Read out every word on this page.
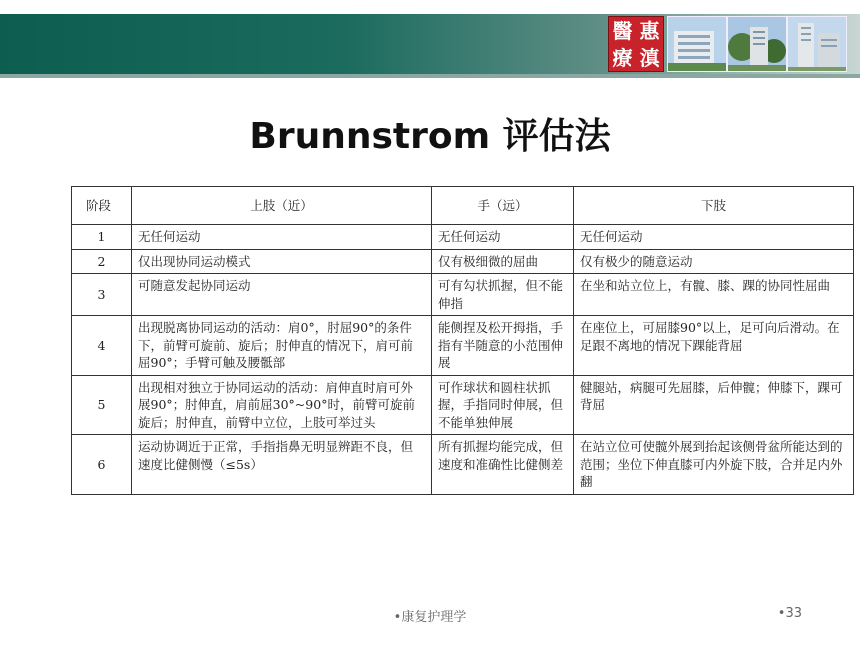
醫 惠
療 滇
Brunnstrom 评估法
阶段	上肢（近）	手（远）	下肢
1	无任何运动	无任何运动	无任何运动
2	仅出现协同运动模式	仅有极细微的屈曲	仅有极少的随意运动
3	可随意发起协同运动	可有勾状抓握，但不能伸指	在坐和站立位上，有髋、膝、踝的协同性屈曲
4	出现脱离协同运动的活动：肩0°，肘屈90°的条件下，前臂可旋前、旋后；肘伸直的情况下，肩可前屈90°；手臂可触及腰骶部	能侧捏及松开拇指，手指有半随意的小范围伸展	在座位上，可屈膝90°以上，足可向后滑动。在足跟不离地的情况下踝能背屈
5	出现相对独立于协同运动的活动：肩伸直时肩可外展90°；肘伸直，肩前屈30°~90°时，前臂可旋前旋后；肘伸直，前臂中立位，上肢可举过头	可作球状和圆柱状抓握，手指同时伸展，但不能单独伸展	健腿站，病腿可先屈膝，后伸髋；伸膝下，踝可背屈
6	运动协调近于正常，手指指鼻无明显辨距不良，但速度比健侧慢（≤5s）	所有抓握均能完成，但速度和准确性比健侧差	在站立位可使髋外展到抬起该侧骨盆所能达到的范围；坐位下伸直膝可内外旋下肢，合并足内外翻
•康复护理学	•33
